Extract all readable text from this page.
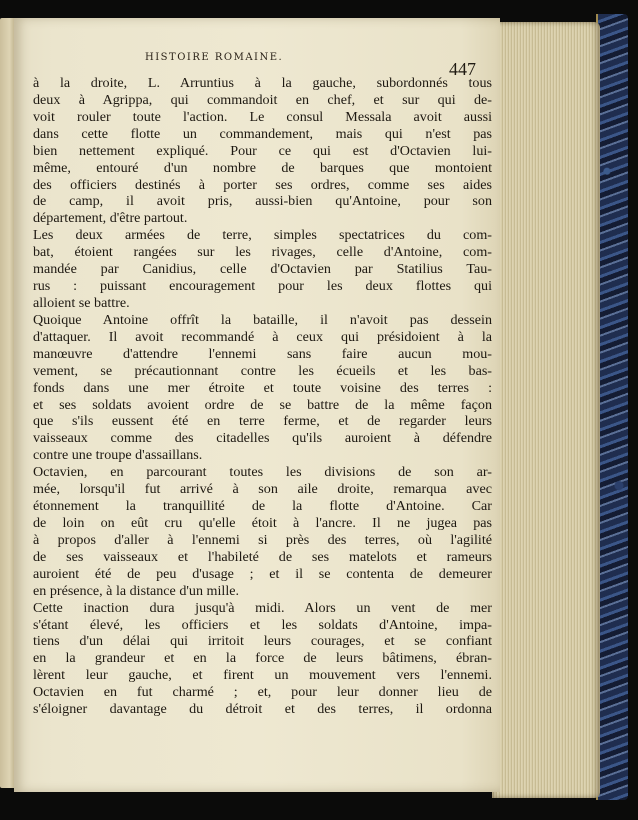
HISTOIRE ROMAINE.
447
à la droite, L. Arruntius à la gauche, subordonnés tous
deux à Agrippa, qui commandoit en chef, et sur qui de-
voit rouler toute l'action. Le consul Messala avoit aussi
dans cette flotte un commandement, mais qui n'est pas
bien nettement expliqué. Pour ce qui est d'Octavien lui-
même, entouré d'un nombre de barques que montoient
des officiers destinés à porter ses ordres, comme ses aides
de camp, il avoit pris, aussi-bien qu'Antoine, pour son
département, d'être partout.
Les deux armées de terre, simples spectatrices du com-
bat, étoient rangées sur les rivages, celle d'Antoine, com-
mandée par Canidius, celle d'Octavien par Statilius Tau-
rus : puissant encouragement pour les deux flottes qui
alloient se battre.
Quoique Antoine offrît la bataille, il n'avoit pas dessein
d'attaquer. Il avoit recommandé à ceux qui présidoient à la
manœuvre d'attendre l'ennemi sans faire aucun mou-
vement, se précautionnant contre les écueils et les bas-
fonds dans une mer étroite et toute voisine des terres :
et ses soldats avoient ordre de se battre de la même façon
que s'ils eussent été en terre ferme, et de regarder leurs
vaisseaux comme des citadelles qu'ils auroient à défendre
contre une troupe d'assaillans.
Octavien, en parcourant toutes les divisions de son ar-
mée, lorsqu'il fut arrivé à son aile droite, remarqua avec
étonnement la tranquillité de la flotte d'Antoine. Car
de loin on eût cru qu'elle étoit à l'ancre. Il ne jugea pas
à propos d'aller à l'ennemi si près des terres, où l'agilité
de ses vaisseaux et l'habileté de ses matelots et rameurs
auroient été de peu d'usage ; et il se contenta de demeurer
en présence, à la distance d'un mille.
Cette inaction dura jusqu'à midi. Alors un vent de mer
s'étant élevé, les officiers et les soldats d'Antoine, impa-
tiens d'un délai qui irritoit leurs courages, et se confiant
en la grandeur et en la force de leurs bâtimens, ébran-
lèrent leur gauche, et firent un mouvement vers l'ennemi.
Octavien en fut charmé ; et, pour leur donner lieu de
s'éloigner davantage du détroit et des terres, il ordonna
